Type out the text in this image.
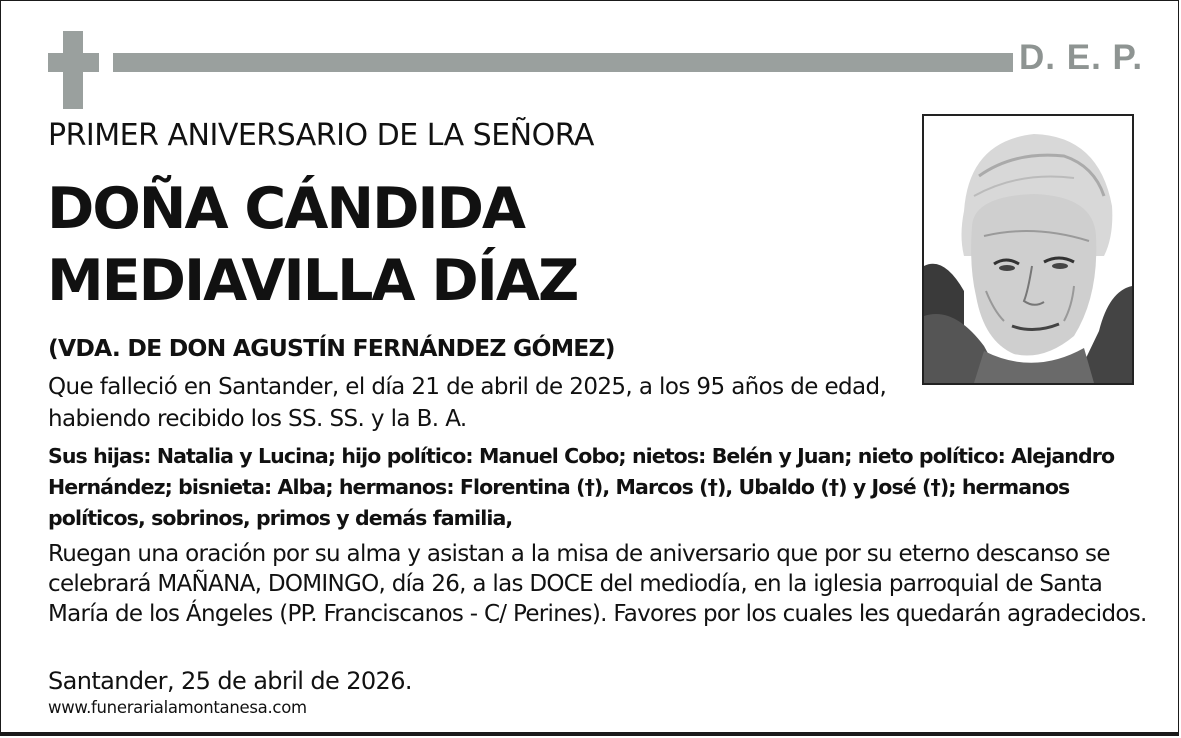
D. E. P.
PRIMER ANIVERSARIO DE LA SEÑORA
DOÑA CÁNDIDA
MEDIAVILLA DÍAZ
(VDA. DE DON AGUSTÍN FERNÁNDEZ GÓMEZ)
Que falleció en Santander, el día 21 de abril de 2025, a los 95 años de edad, habiendo recibido los SS. SS. y la B. A.
Sus hijas: Natalia y Lucina; hijo político: Manuel Cobo; nietos: Belén y Juan; nieto político: Alejandro Hernández; bisnieta: Alba; hermanos: Florentina (†), Marcos (†), Ubaldo (†) y José (†); hermanos políticos, sobrinos, primos y demás familia,
Ruegan una oración por su alma y asistan a la misa de aniversario que por su eterno descanso se celebrará MAÑANA, DOMINGO, día 26, a las DOCE del mediodía, en la iglesia parroquial de Santa María de los Ángeles (PP. Franciscanos - C/ Perines). Favores por los cuales les quedarán agradecidos.
Santander, 25 de abril de 2026.
www.funerarialamontanesa.com
